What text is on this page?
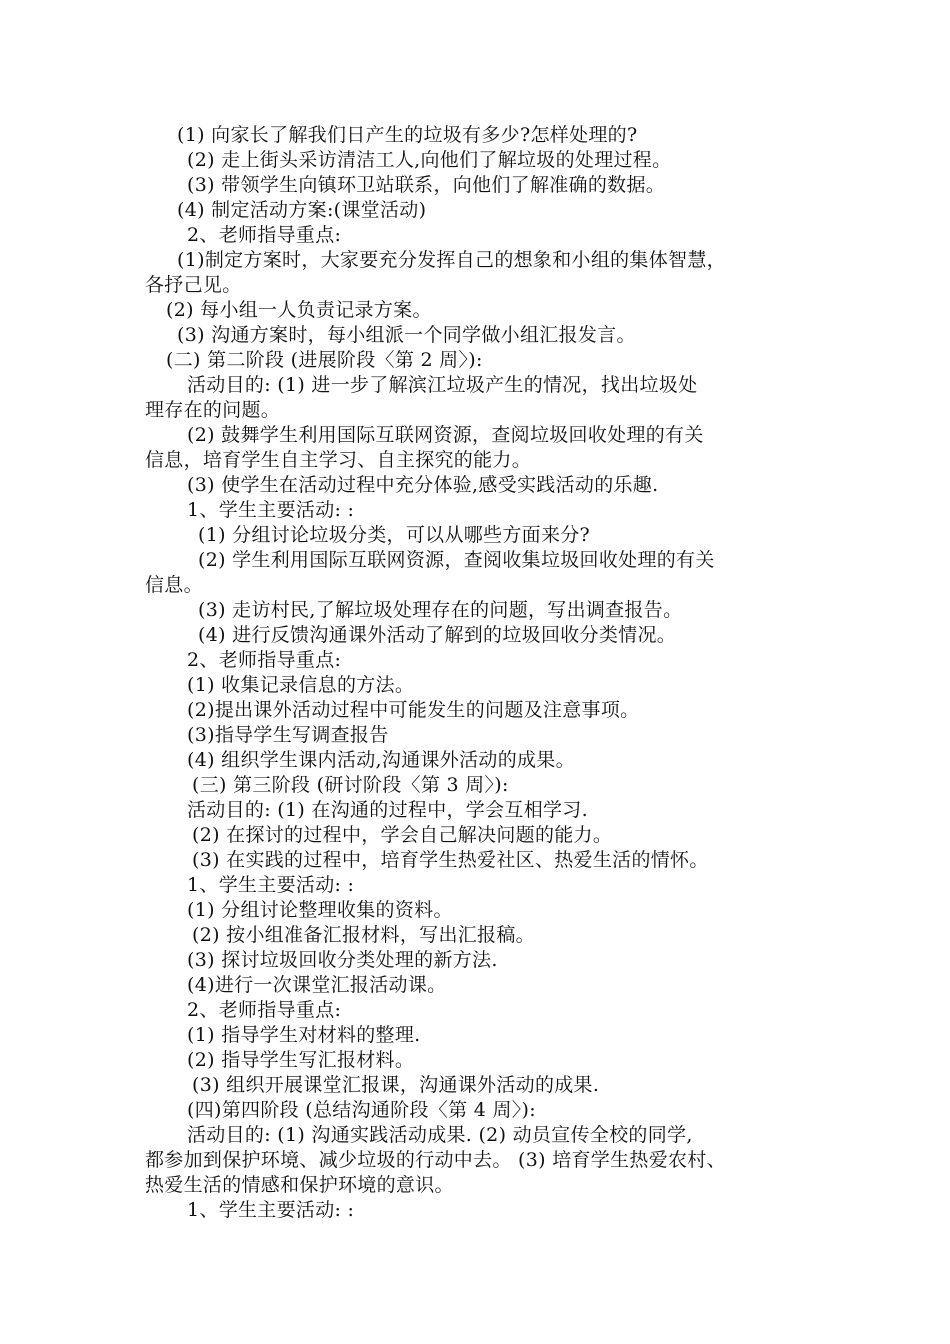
(1) 向家长了解我们日产生的垃圾有多少?怎样处理的?
(2) 走上街头采访清洁工人,向他们了解垃圾的处理过程。
(3) 带领学生向镇环卫站联系，向他们了解准确的数据。
(4) 制定活动方案:(课堂活动)
2、老师指导重点:
(1)制定方案时，大家要充分发挥自己的想象和小组的集体智慧，
各抒己见。
(2) 每小组一人负责记录方案。
(3) 沟通方案时，每小组派一个同学做小组汇报发言。
(二) 第二阶段 (进展阶段〈第 2 周〉):
活动目的: (1) 进一步了解滨江垃圾产生的情况，找出垃圾处
理存在的问题。
(2) 鼓舞学生利用国际互联网资源，查阅垃圾回收处理的有关
信息，培育学生自主学习、自主探究的能力。
(3) 使学生在活动过程中充分体验,感受实践活动的乐趣.
1、学生主要活动: :
(1) 分组讨论垃圾分类，可以从哪些方面来分?
(2) 学生利用国际互联网资源，查阅收集垃圾回收处理的有关
信息。
(3) 走访村民,了解垃圾处理存在的问题，写出调查报告。
(4) 进行反馈沟通课外活动了解到的垃圾回收分类情况。
2、老师指导重点:
(1) 收集记录信息的方法。
(2)提出课外活动过程中可能发生的问题及注意事项。
(3)指导学生写调查报告
(4) 组织学生课内活动,沟通课外活动的成果。
(三) 第三阶段 (研讨阶段〈第 3 周〉):
活动目的: (1) 在沟通的过程中，学会互相学习.
(2) 在探讨的过程中，学会自己解决问题的能力。
(3) 在实践的过程中，培育学生热爱社区、热爱生活的情怀。
1、学生主要活动: :
(1) 分组讨论整理收集的资料。
(2) 按小组准备汇报材料，写出汇报稿。
(3) 探讨垃圾回收分类处理的新方法.
(4)进行一次课堂汇报活动课。
2、老师指导重点:
(1) 指导学生对材料的整理.
(2) 指导学生写汇报材料。
(3) 组织开展课堂汇报课，沟通课外活动的成果.
(四)第四阶段 (总结沟通阶段〈第 4 周〉):
活动目的: (1) 沟通实践活动成果. (2) 动员宣传全校的同学,
都参加到保护环境、减少垃圾的行动中去。 (3) 培育学生热爱农村、
热爱生活的情感和保护环境的意识。
1、学生主要活动: :
